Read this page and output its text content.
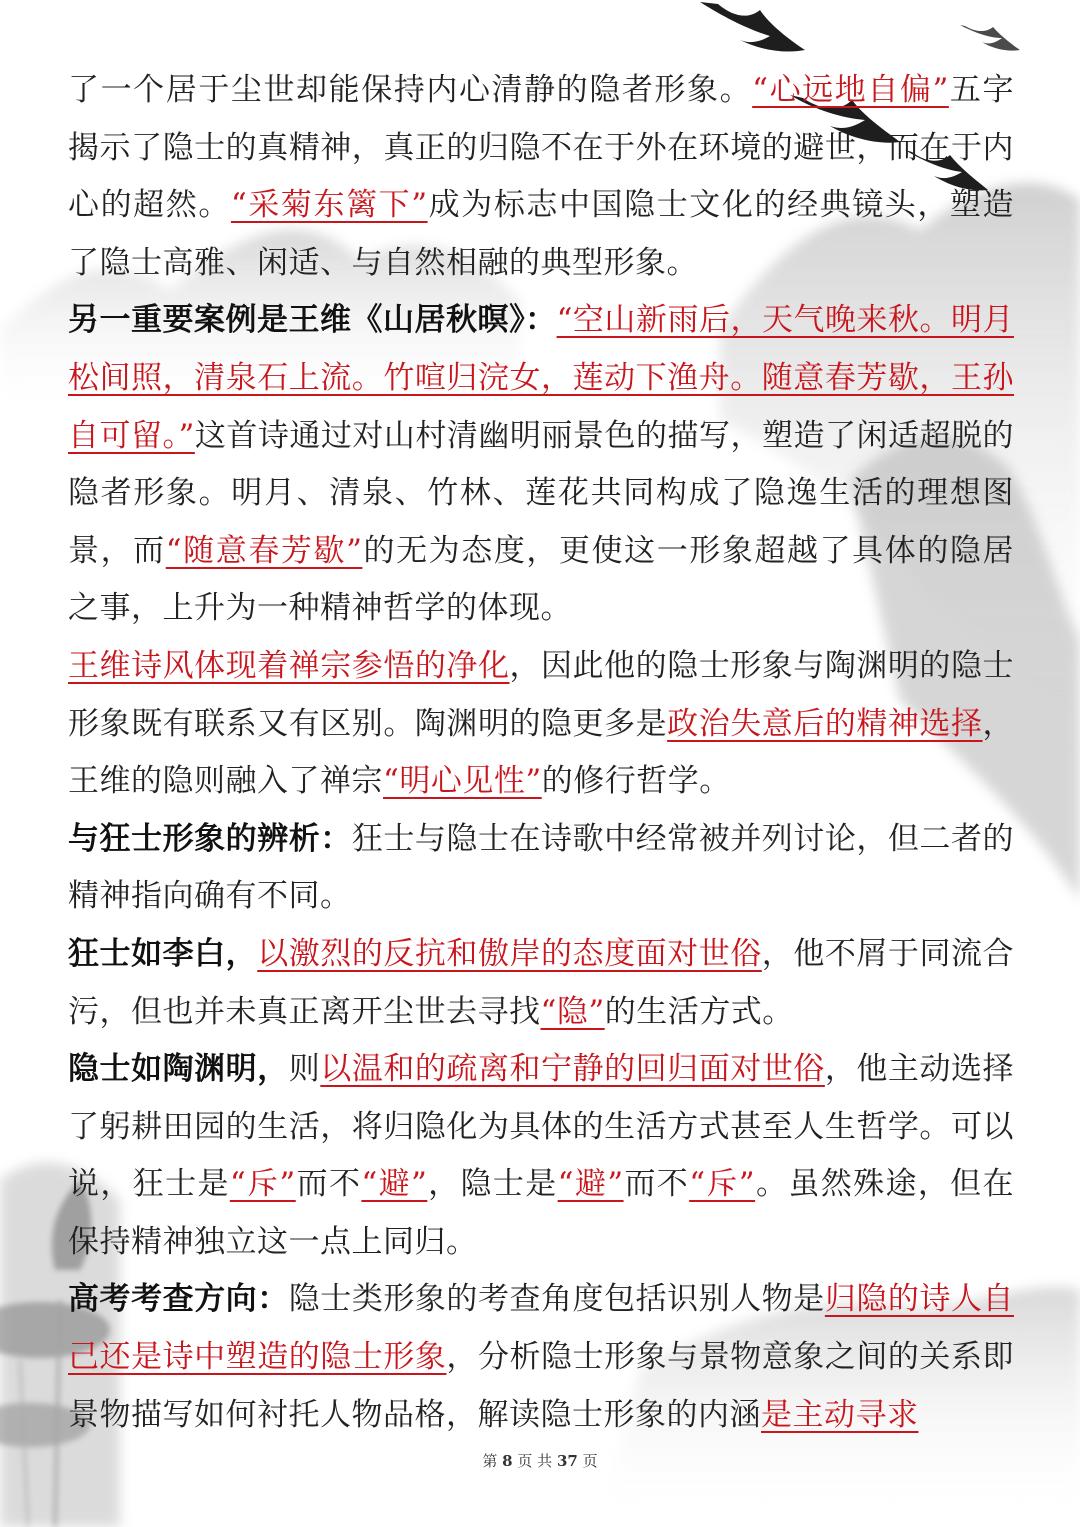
了一个居于尘世却能保持内心清静的隐者形象。“心远地自偏”五字揭示了隐士的真精神，真正的归隐不在于外在环境的避世，而在于内心的超然。“采菊东篱下”成为标志中国隐士文化的经典镜头，塑造了隐士高雅、闲适、与自然相融的典型形象。

另一重要案例是王维《山居秋暝》：“空山新雨后，天气晚来秋。明月松间照，清泉石上流。竹喧归浣女，莲动下渔舟。随意春芳歇，王孙自可留。”这首诗通过对山村清幽明丽景色的描写，塑造了闲适超脱的隐者形象。明月、清泉、竹林、莲花共同构成了隐逸生活的理想图景，而“随意春芳歇”的无为态度，更使这一形象超越了具体的隐居之事，上升为一种精神哲学的体现。

王维诗风体现着禅宗参悟的净化，因此他的隐士形象与陶渊明的隐士形象既有联系又有区别。陶渊明的隐更多是政治失意后的精神选择，王维的隐则融入了禅宗“明心见性”的修行哲学。

与狂士形象的辨析：狂士与隐士在诗歌中经常被并列讨论，但二者的精神指向确有不同。

狂士如李白，以激烈的反抗和傲岸的态度面对世俗，他不屑于同流合污，但也并未真正离开尘世去寻找“隐”的生活方式。

隐士如陶渊明，则以温和的疏离和宁静的回归面对世俗，他主动选择了躬耕田园的生活，将归隐化为具体的生活方式甚至人生哲学。可以说，狂士是“斥”而不“避”，隐士是“避”而不“斥”。虽然殊途，但在保持精神独立这一点上同归。

高考考查方向：隐士类形象的考查角度包括识别人物是归隐的诗人自己还是诗中塑造的隐士形象，分析隐士形象与景物意象之间的关系即景物描写如何衬托人物品格，解读隐士形象的内涵是主动寻求

第 8 页 共 37 页
